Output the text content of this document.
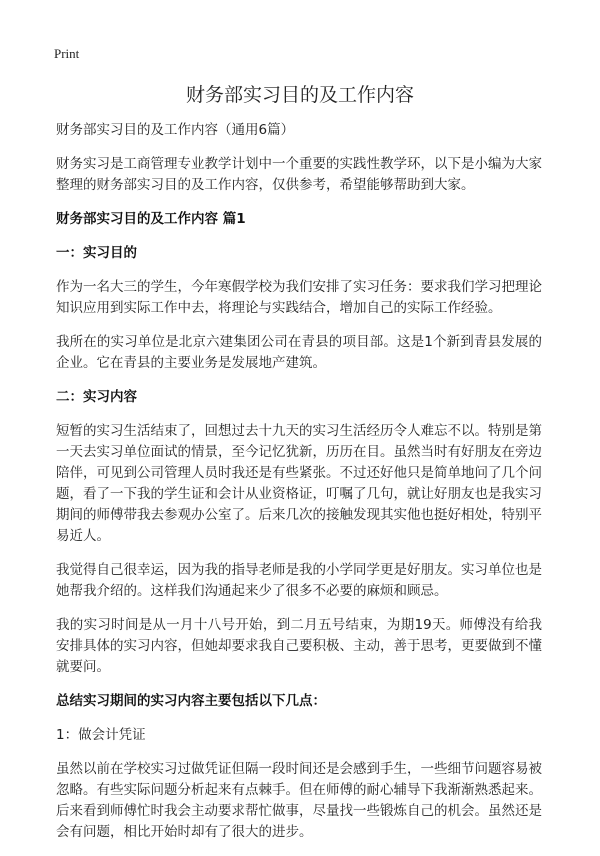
Print
财务部实习目的及工作内容

财务部实习目的及工作内容（通用6篇）

财务实习是工商管理专业教学计划中一个重要的实践性教学环，以下是小编为大家整理的财务部实习目的及工作内容，仅供参考，希望能够帮助到大家。

财务部实习目的及工作内容 篇1

一：实习目的

作为一名大三的学生，今年寒假学校为我们安排了实习任务：要求我们学习把理论知识应用到实际工作中去，将理论与实践结合，增加自己的实际工作经验。

我所在的实习单位是北京六建集团公司在青县的项目部。这是1个新到青县发展的企业。它在青县的主要业务是发展地产建筑。

二：实习内容

短暂的实习生活结束了，回想过去十九天的实习生活经历令人难忘不以。特别是第一天去实习单位面试的情景，至今记忆犹新，历历在目。虽然当时有好朋友在旁边陪伴，可见到公司管理人员时我还是有些紧张。不过还好他只是简单地问了几个问题，看了一下我的学生证和会计从业资格证，叮嘱了几句，就让好朋友也是我实习期间的师傅带我去参观办公室了。后来几次的接触发现其实他也挺好相处，特别平易近人。

我觉得自己很幸运，因为我的指导老师是我的小学同学更是好朋友。实习单位也是她帮我介绍的。这样我们沟通起来少了很多不必要的麻烦和顾忌。

我的实习时间是从一月十八号开始，到二月五号结束，为期19天。师傅没有给我安排具体的实习内容，但她却要求我自己要积极、主动，善于思考，更要做到不懂就要问。

总结实习期间的实习内容主要包括以下几点：

1：做会计凭证

虽然以前在学校实习过做凭证但隔一段时间还是会感到手生，一些细节问题容易被忽略。有些实际问题分析起来有点棘手。但在师傅的耐心辅导下我渐渐熟悉起来。后来看到师傅忙时我会主动要求帮忙做事，尽量找一些锻炼自己的机会。虽然还是会有问题，相比开始时却有了很大的进步。
